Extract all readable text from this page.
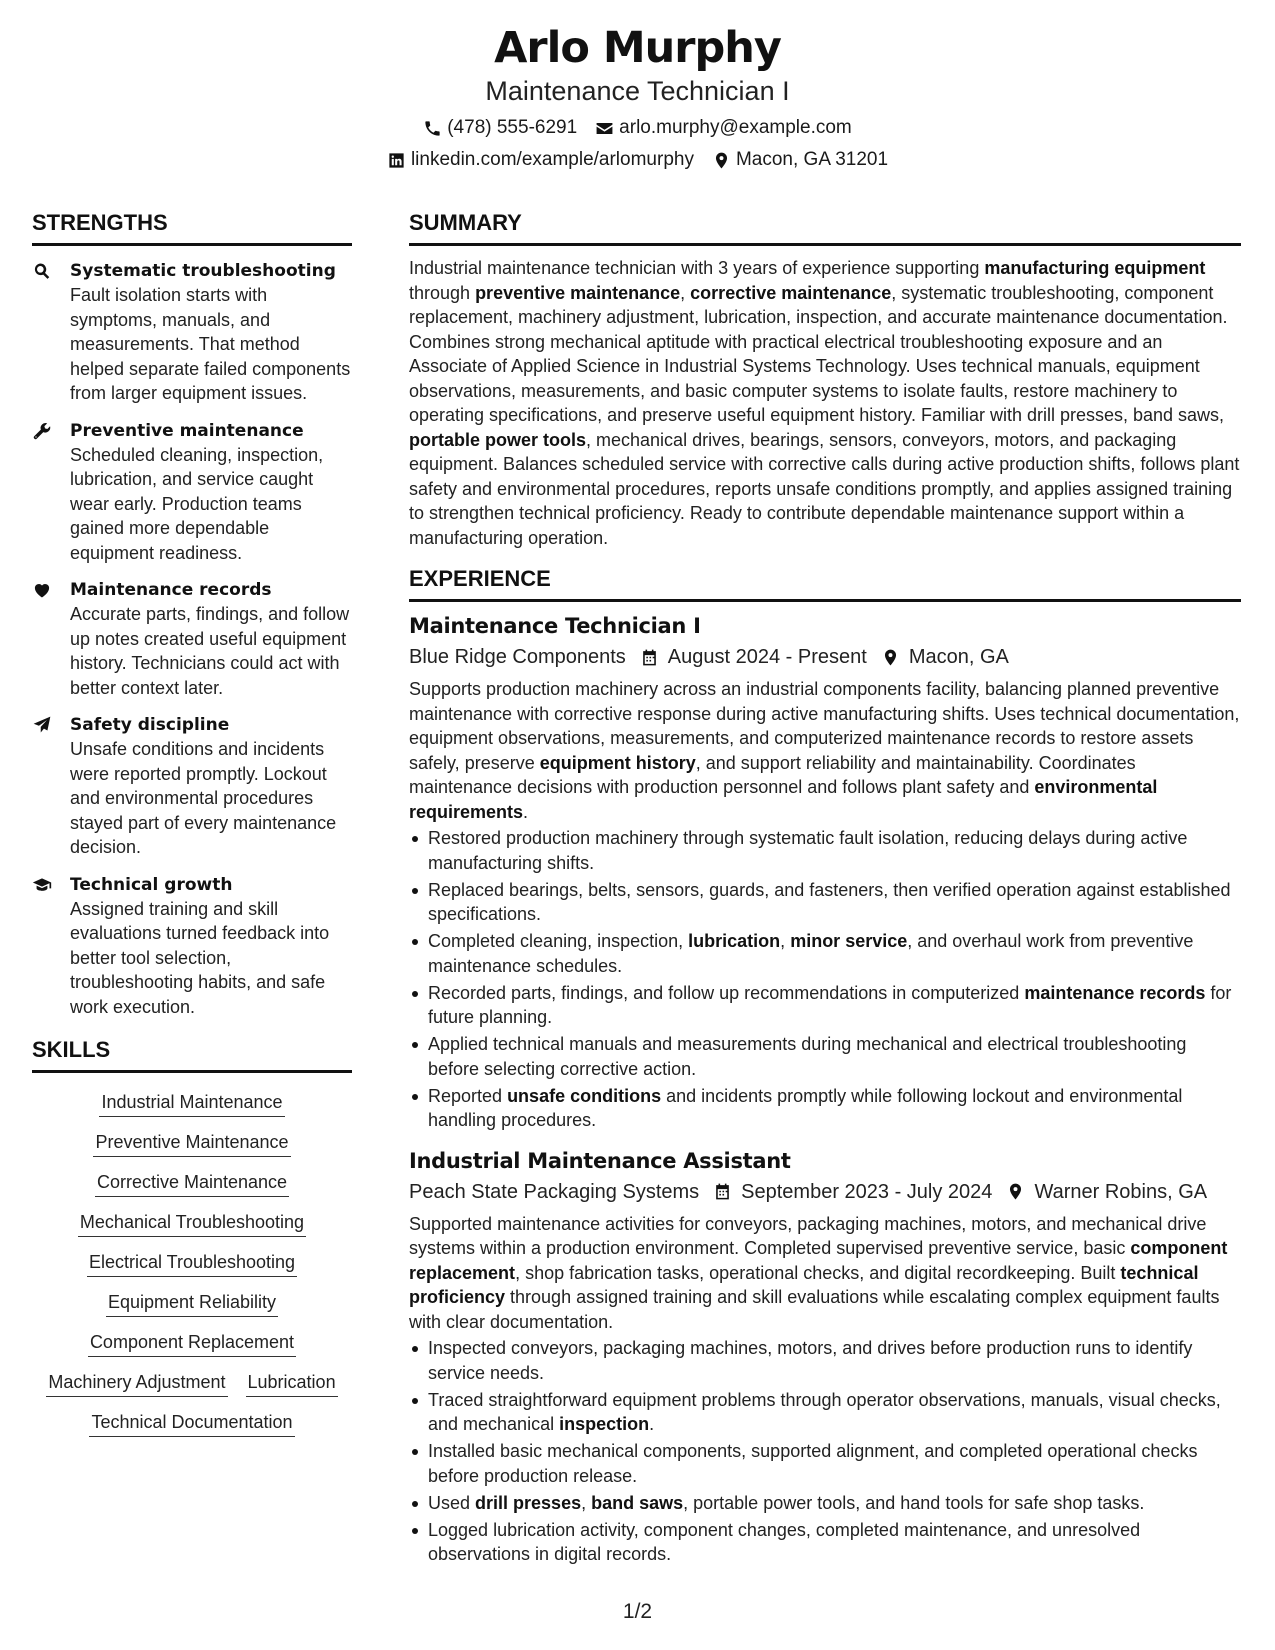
Arlo Murphy
Maintenance Technician I
(478) 555-6291 arlo.murphy@example.com
linkedin.com/example/arlomurphy Macon, GA 31201
STRENGTHS
Systematic troubleshooting
Fault isolation starts with symptoms, manuals, and measurements. That method helped separate failed components from larger equipment issues.
Preventive maintenance
Scheduled cleaning, inspection, lubrication, and service caught wear early. Production teams gained more dependable equipment readiness.
Maintenance records
Accurate parts, findings, and follow up notes created useful equipment history. Technicians could act with better context later.
Safety discipline
Unsafe conditions and incidents were reported promptly. Lockout and environmental procedures stayed part of every maintenance decision.
Technical growth
Assigned training and skill evaluations turned feedback into better tool selection, troubleshooting habits, and safe work execution.
SKILLS
Industrial Maintenance
Preventive Maintenance
Corrective Maintenance
Mechanical Troubleshooting
Electrical Troubleshooting
Equipment Reliability
Component Replacement
Machinery Adjustment Lubrication
Technical Documentation
SUMMARY

Industrial maintenance technician with 3 years of experience supporting manufacturing equipment through preventive maintenance, corrective maintenance, systematic troubleshooting, component replacement, machinery adjustment, lubrication, inspection, and accurate maintenance documentation. Combines strong mechanical aptitude with practical electrical troubleshooting exposure and an Associate of Applied Science in Industrial Systems Technology. Uses technical manuals, equipment observations, measurements, and basic computer systems to isolate faults, restore machinery to operating specifications, and preserve useful equipment history. Familiar with drill presses, band saws, portable power tools, mechanical drives, bearings, sensors, conveyors, motors, and packaging equipment. Balances scheduled service with corrective calls during active production shifts, follows plant safety and environmental procedures, reports unsafe conditions promptly, and applies assigned training to strengthen technical proficiency. Ready to contribute dependable maintenance support within a manufacturing operation.

EXPERIENCE
Maintenance Technician I
Blue Ridge Components August 2024 - Present Macon, GA

Supports production machinery across an industrial components facility, balancing planned preventive maintenance with corrective response during active manufacturing shifts. Uses technical documentation, equipment observations, measurements, and computerized maintenance records to restore assets safely, preserve equipment history, and support reliability and maintainability. Coordinates maintenance decisions with production personnel and follows plant safety and environmental requirements.

Restored production machinery through systematic fault isolation, reducing delays during active manufacturing shifts.
Replaced bearings, belts, sensors, guards, and fasteners, then verified operation against established specifications.
Completed cleaning, inspection, lubrication, minor service, and overhaul work from preventive maintenance schedules.
Recorded parts, findings, and follow up recommendations in computerized maintenance records for future planning.
Applied technical manuals and measurements during mechanical and electrical troubleshooting before selecting corrective action.
Reported unsafe conditions and incidents promptly while following lockout and environmental handling procedures.
Industrial Maintenance Assistant
Peach State Packaging Systems September 2023 - July 2024 Warner Robins, GA

Supported maintenance activities for conveyors, packaging machines, motors, and mechanical drive systems within a production environment. Completed supervised preventive service, basic component replacement, shop fabrication tasks, operational checks, and digital recordkeeping. Built technical proficiency through assigned training and skill evaluations while escalating complex equipment faults with clear documentation.

Inspected conveyors, packaging machines, motors, and drives before production runs to identify service needs.
Traced straightforward equipment problems through operator observations, manuals, visual checks, and mechanical inspection.
Installed basic mechanical components, supported alignment, and completed operational checks before production release.
Used drill presses, band saws, portable power tools, and hand tools for safe shop tasks.
Logged lubrication activity, component changes, completed maintenance, and unresolved observations in digital records.
1/2
